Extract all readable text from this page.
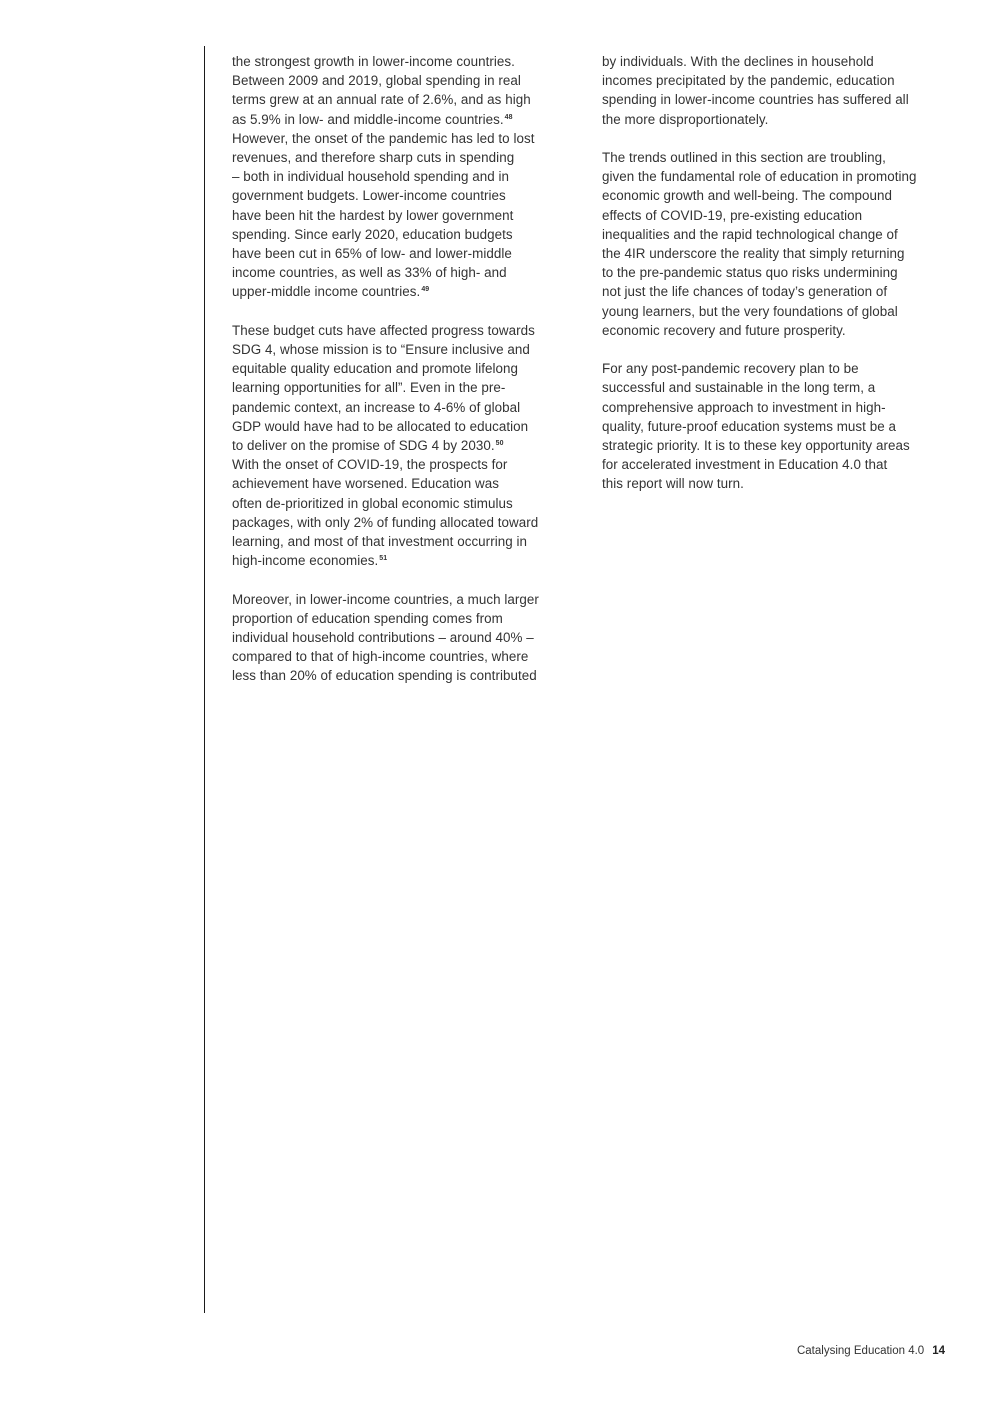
the strongest growth in lower-income countries.
Between 2009 and 2019, global spending in real
terms grew at an annual rate of 2.6%, and as high
as 5.9% in low- and middle-income countries.$^{48}$
However, the onset of the pandemic has led to lost
revenues, and therefore sharp cuts in spending
– both in individual household spending and in
government budgets. Lower-income countries
have been hit the hardest by lower government
spending. Since early 2020, education budgets
have been cut in 65% of low- and lower-middle
income countries, as well as 33% of high- and
upper-middle income countries.$^{49}$

These budget cuts have affected progress towards
SDG 4, whose mission is to “Ensure inclusive and
equitable quality education and promote lifelong
learning opportunities for all”. Even in the pre-
pandemic context, an increase to 4-6% of global
GDP would have had to be allocated to education
to deliver on the promise of SDG 4 by 2030.50
With the onset of COVID-19, the prospects for
achievement have worsened. Education was
often de-prioritized in global economic stimulus
packages, with only 2% of funding allocated toward
learning, and most of that investment occurring in
high-income economies.$^{51}$

Moreover, in lower-income countries, a much larger
proportion of education spending comes from
individual household contributions – around 40% –
compared to that of high-income countries, where
less than 20% of education spending is contributed

by individuals. With the declines in household
incomes precipitated by the pandemic, education
spending in lower-income countries has suffered all
the more disproportionately.

The trends outlined in this section are troubling,
given the fundamental role of education in promoting
economic growth and well-being. The compound
effects of COVID-19, pre-existing education
inequalities and the rapid technological change of
the 4IR underscore the reality that simply returning
to the pre-pandemic status quo risks undermining
not just the life chances of today’s generation of
young learners, but the very foundations of global
economic recovery and future prosperity.

For any post-pandemic recovery plan to be
successful and sustainable in the long term, a
comprehensive approach to investment in high-
quality, future-proof education systems must be a
strategic priority. It is to these key opportunity areas
for accelerated investment in Education 4.0 that
this report will now turn.

Catalysing Education 4.0 14
